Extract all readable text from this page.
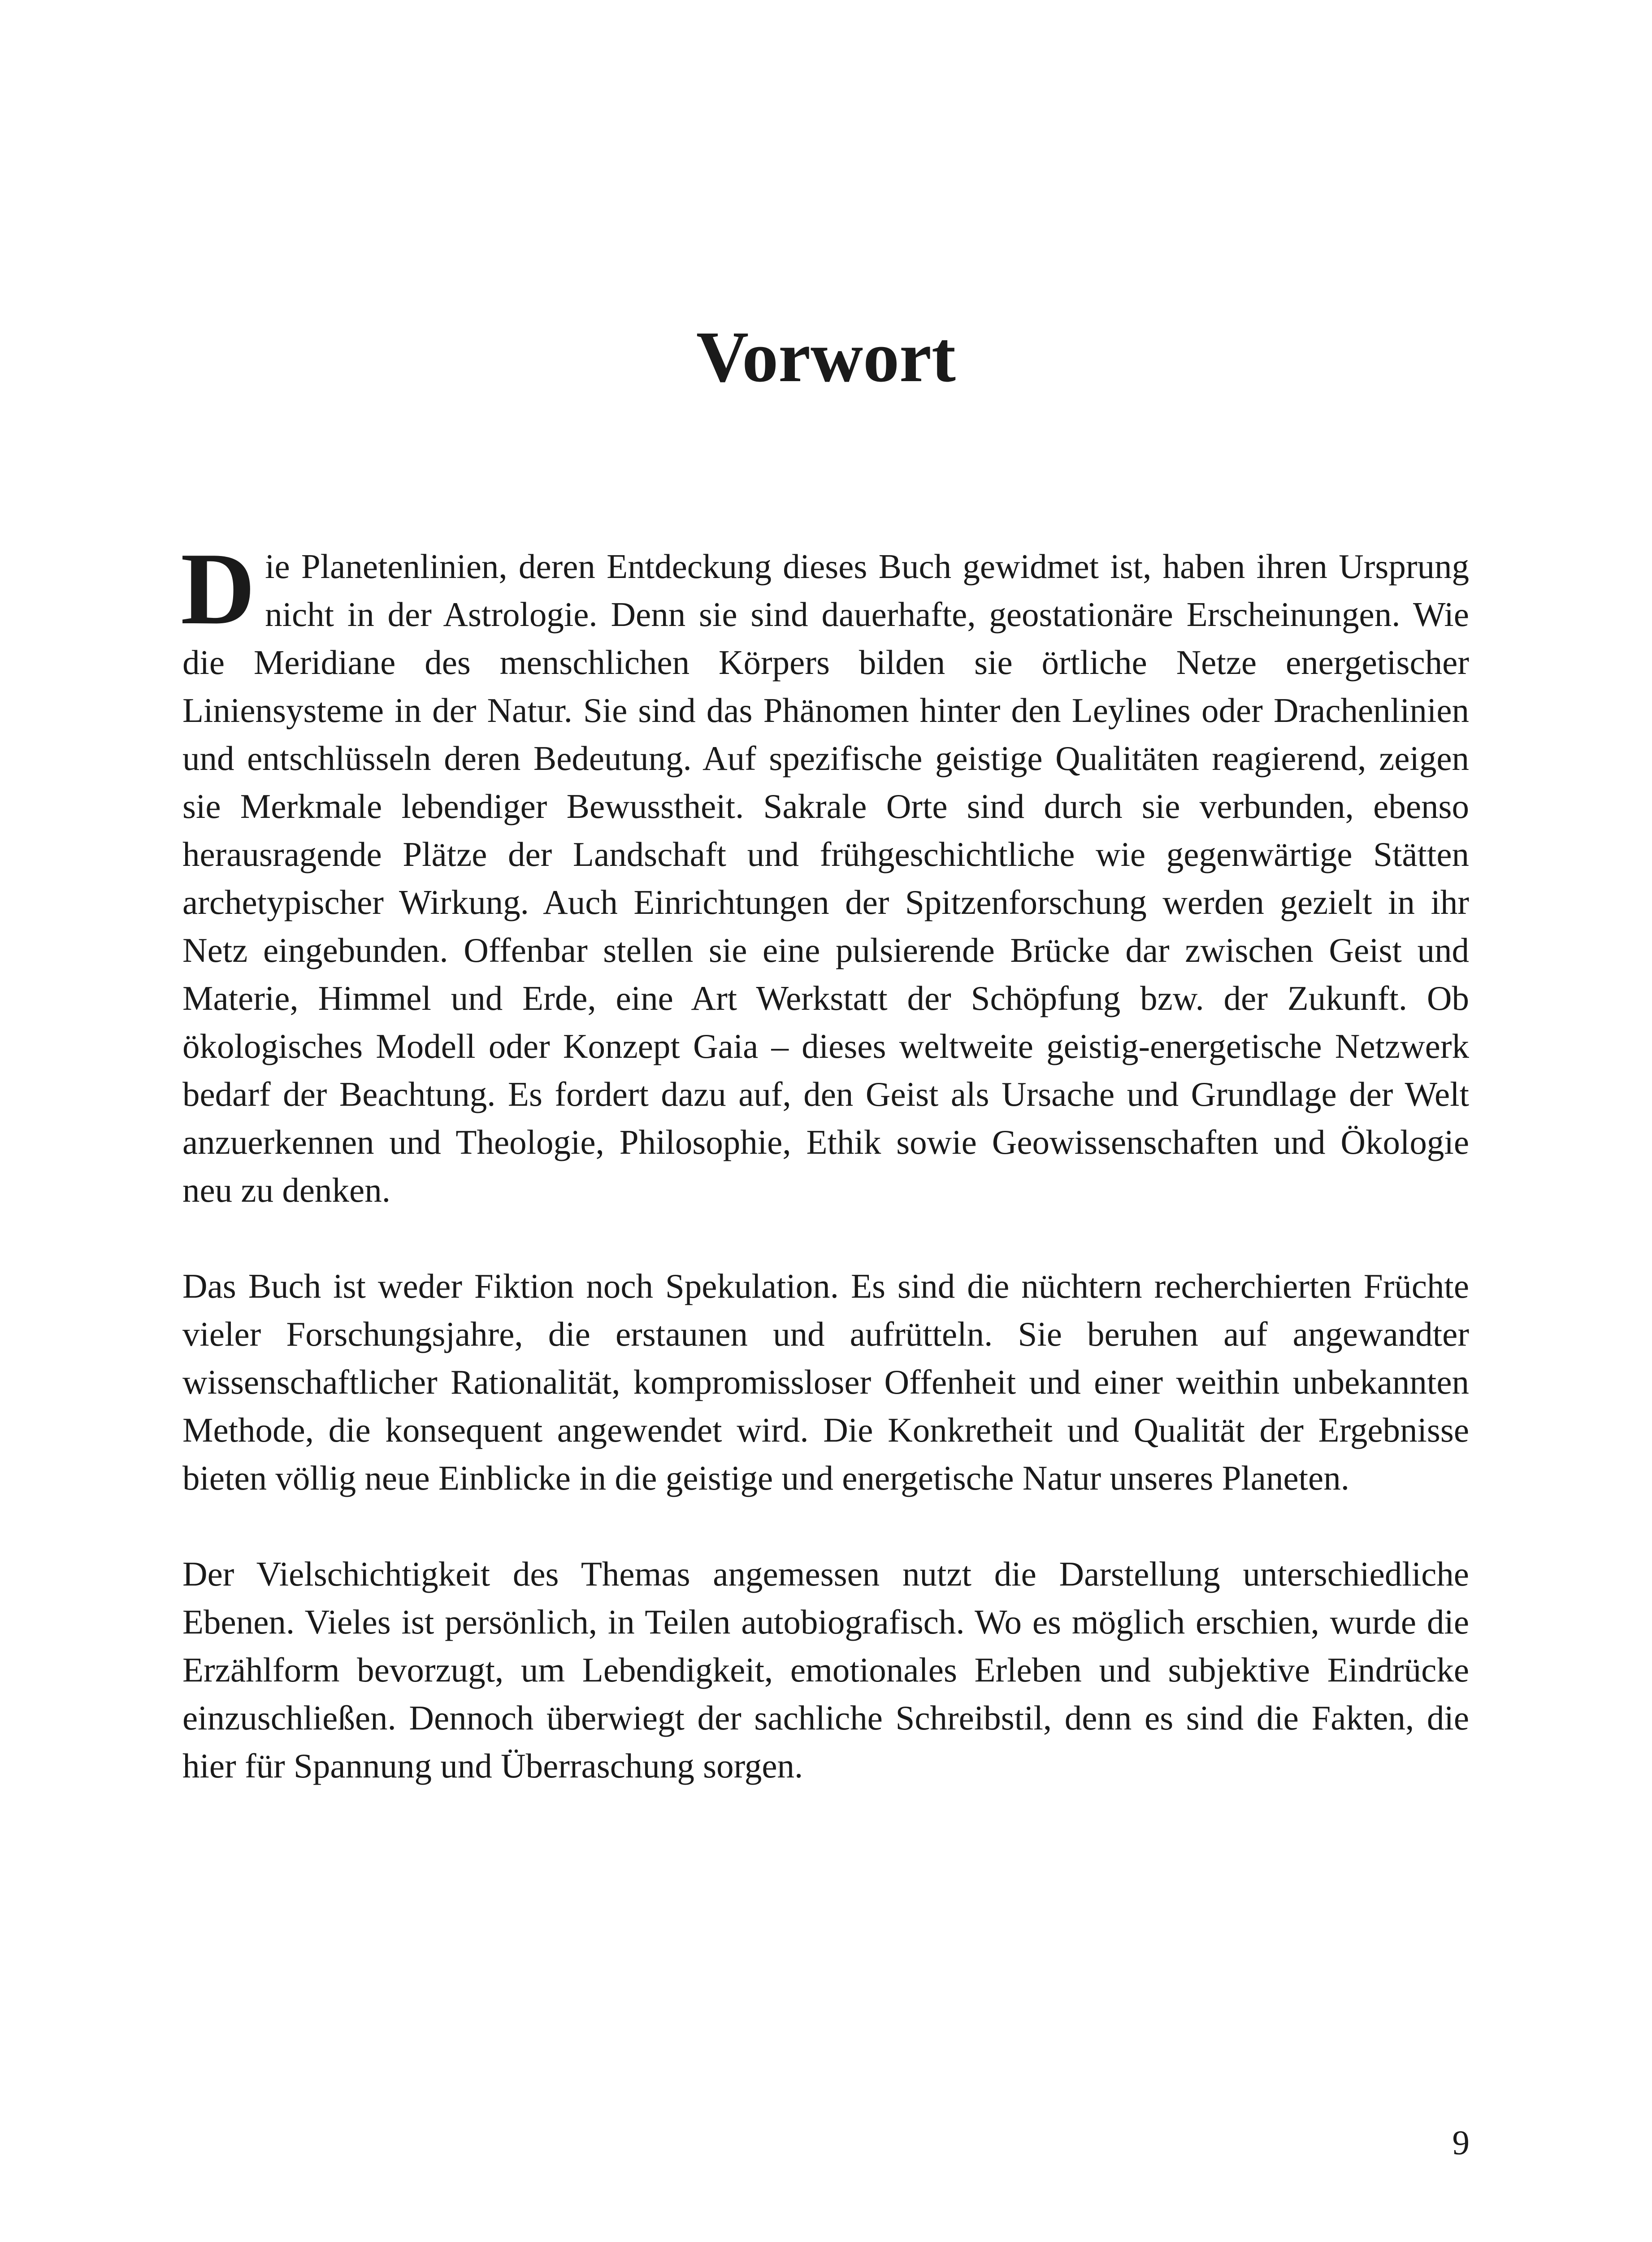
Vorwort

Die Planetenlinien, deren Entdeckung dieses Buch gewidmet ist, haben ihren Ursprung nicht in der Astrologie. Denn sie sind dauerhafte, geostationäre Erscheinungen. Wie die Meridiane des menschlichen Körpers bilden sie örtliche Netze energetischer Liniensysteme in der Natur. Sie sind das Phänomen hinter den Leylines oder Drachenlinien und entschlüsseln deren Bedeutung. Auf spezifische geistige Qualitäten reagierend, zeigen sie Merkmale lebendiger Bewusstheit. Sakrale Orte sind durch sie verbunden, ebenso herausragende Plätze der Landschaft und frühgeschichtliche wie gegenwärtige Stätten archetypischer Wirkung. Auch Einrichtungen der Spitzenforschung werden gezielt in ihr Netz eingebunden. Offenbar stellen sie eine pulsierende Brücke dar zwischen Geist und Materie, Himmel und Erde, eine Art Werkstatt der Schöpfung bzw. der Zukunft. Ob ökologisches Modell oder Konzept Gaia – dieses weltweite geistig-energetische Netzwerk bedarf der Beachtung. Es fordert dazu auf, den Geist als Ursache und Grundlage der Welt anzuerkennen und Theologie, Philosophie, Ethik sowie Geowissenschaften und Ökologie neu zu denken.

Das Buch ist weder Fiktion noch Spekulation. Es sind die nüchtern recherchierten Früchte vieler Forschungsjahre, die erstaunen und aufrütteln. Sie beruhen auf angewandter wissenschaftlicher Rationalität, kompromissloser Offenheit und einer weithin unbekannten Methode, die konsequent angewendet wird. Die Konkretheit und Qualität der Ergebnisse bieten völlig neue Einblicke in die geistige und energetische Natur unseres Planeten.

Der Vielschichtigkeit des Themas angemessen nutzt die Darstellung unterschiedliche Ebenen. Vieles ist persönlich, in Teilen autobiografisch. Wo es möglich erschien, wurde die Erzählform bevorzugt, um Lebendigkeit, emotionales Erleben und subjektive Eindrücke einzuschließen. Dennoch überwiegt der sachliche Schreibstil, denn es sind die Fakten, die hier für Spannung und Überraschung sorgen.

9
